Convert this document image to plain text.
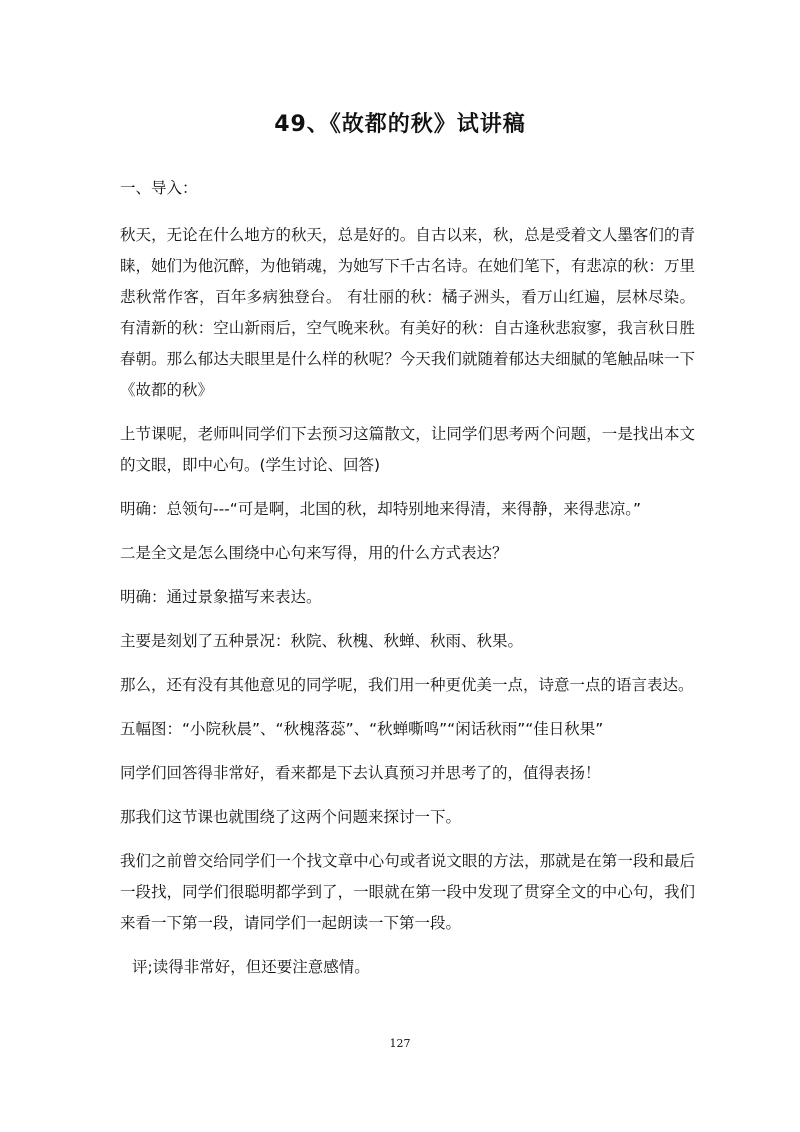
49、《故都的秋》试讲稿

一、导入：

秋天，无论在什么地方的秋天，总是好的。自古以来，秋，总是受着文人墨客们的青睐，她们为他沉醉，为他销魂，为她写下千古名诗。在她们笔下，有悲凉的秋：万里悲秋常作客，百年多病独登台。 有壮丽的秋：橘子洲头，看万山红遍，层林尽染。有清新的秋：空山新雨后，空气晚来秋。有美好的秋：自古逢秋悲寂寥，我言秋日胜春朝。那么郁达夫眼里是什么样的秋呢？今天我们就随着郁达夫细腻的笔触品味一下《故都的秋》

上节课呢，老师叫同学们下去预习这篇散文，让同学们思考两个问题，一是找出本文的文眼，即中心句。(学生讨论、回答)

明确：总领句---“可是啊，北国的秋，却特别地来得清，来得静，来得悲凉。”

二是全文是怎么围绕中心句来写得，用的什么方式表达？

明确：通过景象描写来表达。

主要是刻划了五种景况：秋院、秋槐、秋蝉、秋雨、秋果。

那么，还有没有其他意见的同学呢，我们用一种更优美一点，诗意一点的语言表达。

五幅图：“小院秋晨”、“秋槐落蕊”、“秋蝉嘶鸣”“闲话秋雨”“佳日秋果”

同学们回答得非常好，看来都是下去认真预习并思考了的，值得表扬！

那我们这节课也就围绕了这两个问题来探讨一下。

我们之前曾交给同学们一个找文章中心句或者说文眼的方法，那就是在第一段和最后一段找，同学们很聪明都学到了，一眼就在第一段中发现了贯穿全文的中心句，我们来看一下第一段，请同学们一起朗读一下第一段。

评;读得非常好，但还要注意感情。

127
